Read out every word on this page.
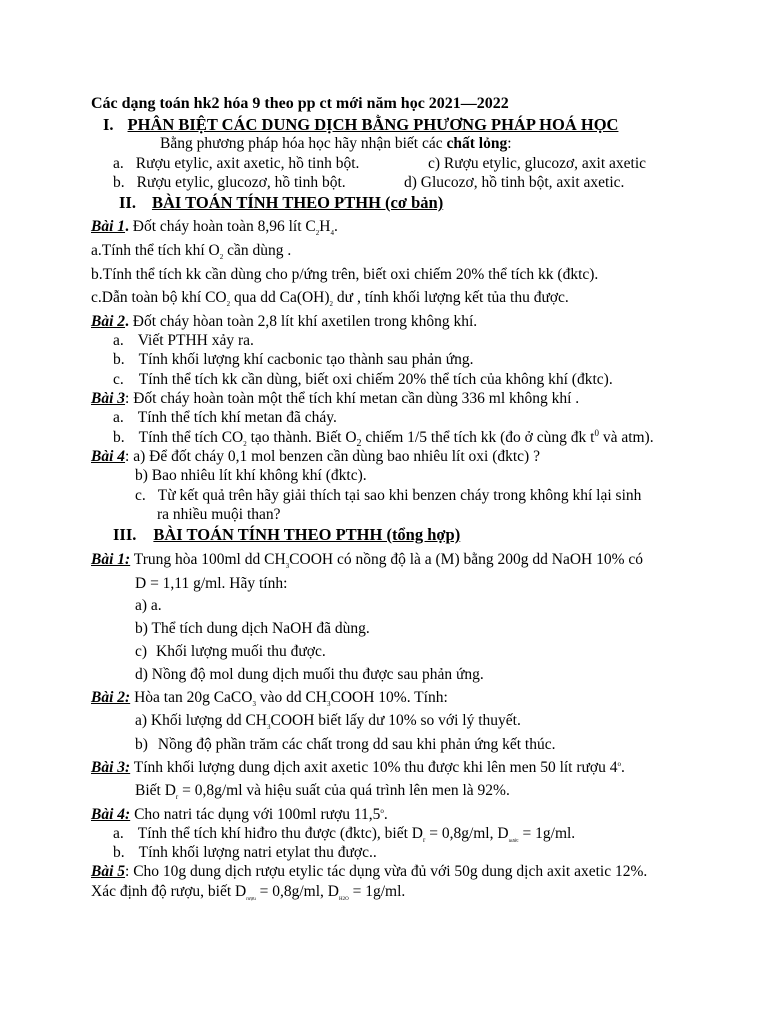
Các dạng toán hk2 hóa 9 theo pp ct mới năm học 2021—2022
I. PHÂN BIỆT CÁC DUNG DỊCH BẰNG PHƯƠNG PHÁP HOÁ HỌC
Bằng phương pháp hóa học hãy nhận biết các chất lỏng:
a. Rượu etylic, axit axetic, hồ tinh bột.	c) Rượu etylic, glucozơ, axit axetic
b. Rượu etylic, glucozơ, hồ tinh bột.	d) Glucozơ, hồ tinh bột, axit axetic.
II. BÀI TOÁN TÍNH THEO PTHH (cơ bản)
Bài 1. Đốt cháy hoàn toàn 8,96 lít $C_2H_4$.
a.Tính thể tích khí $O_2$ cần dùng .
b.Tính thể tích kk cần dùng cho p/ứng trên, biết oxi chiếm 20% thể tích kk (đktc).
c.Dẫn toàn bộ khí $CO_2$ qua dd $Ca(OH)_2$ dư , tính khối lượng kết tủa thu được.
Bài 2. Đốt cháy hòan toàn 2,8 lít khí axetilen trong không khí.
a. Viết PTHH xảy ra.
b. Tính khối lượng khí cacbonic tạo thành sau phản ứng.
c. Tính thể tích kk cần dùng, biết oxi chiếm 20% thể tích của không khí (đktc).
Bài 3: Đốt cháy hoàn toàn một thể tích khí metan cần dùng 336 ml không khí .
a. Tính thể tích khí metan đã cháy.
b. Tính thể tích $CO_2$ tạo thành. Biết $O_2$ chiếm 1/5 thể tích kk (đo ở cùng đk $t^0$ và atm).
Bài 4: a) Để đốt cháy 0,1 mol benzen cần dùng bao nhiêu lít oxi (đktc) ?
b) Bao nhiêu lít khí không khí (đktc).
c. Từ kết quả trên hãy giải thích tại sao khi benzen cháy trong không khí lại sinh
ra nhiều muội than?
III. BÀI TOÁN TÍNH THEO PTHH (tổng hợp)
Bài 1: Trung hòa 100ml dd $CH_3COOH$ có nồng độ là a (M) bằng 200g dd NaOH 10% có
D = 1,11 g/ml. Hãy tính:
a) a.
b) Thể tích dung dịch NaOH đã dùng.
c) Khối lượng muối thu được.
d) Nồng độ mol dung dịch muối thu được sau phản ứng.
Bài 2: Hòa tan 20g CaCO$_3$ vào dd $CH_3COOH$ 10%. Tính:
a) Khối lượng dd $CH_3COOH$ biết lấy dư 10% so với lý thuyết.
b) Nồng độ phần trăm các chất trong dd sau khi phản ứng kết thúc.
Bài 3: Tính khối lượng dung dịch axit axetic 10% thu được khi lên men 50 lít rượu 4$^o$.
Biết $D_r = 0,8g/ml$ và hiệu suất của quá trình lên men là 92%.
Bài 4: Cho natri tác dụng với 100ml rượu 11,5$^o$.
a. Tính thể tích khí hiđro thu được (đktc), biết $D_r = 0,8g/ml$, $D_{nước} = 1g/ml$.
b. Tính khối lượng natri etylat thu được..
Bài 5: Cho 10g dung dịch rượu etylic tác dụng vừa đủ với 50g dung dịch axit axetic 12%.
Xác định độ rượu, biết $D_{rượu} = 0,8g/ml$, $D_{H2O} = 1g/ml$.
